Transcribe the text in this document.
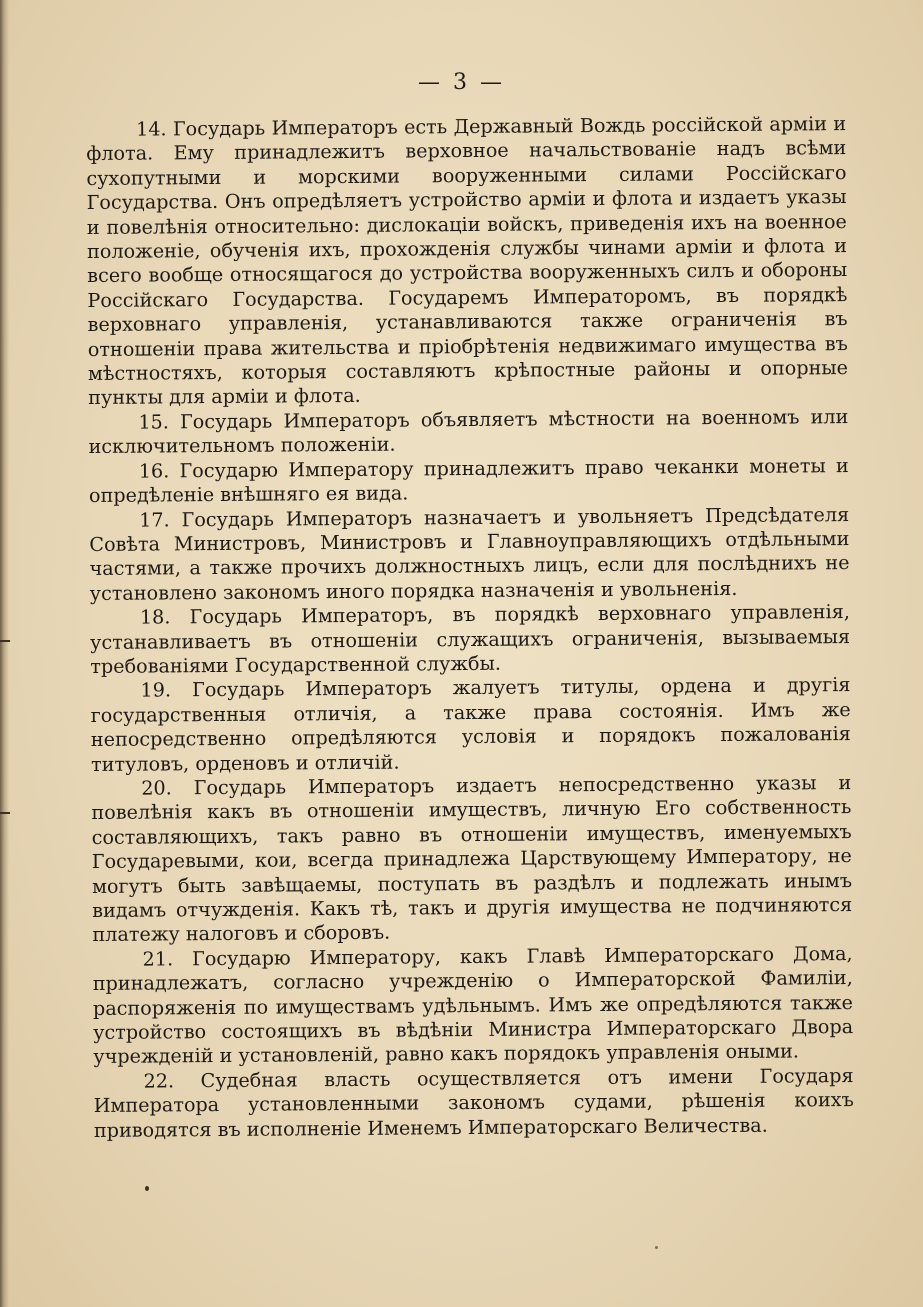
— 3 —

14. Государь Императоръ есть Державный Вождь россійской арміи и флота. Ему принадлежитъ верховное начальствованіе надъ всѣми сухопутными и морскими вооруженными силами Россійскаго Государства. Онъ опредѣляетъ устройство арміи и флота и издаетъ указы и повелѣнія относительно: дислокаціи войскъ, приведенія ихъ на военное положеніе, обученія ихъ, прохожденія службы чинами арміи и флота и всего вообще относящагося до устройства вооруженныхъ силъ и обороны Россійскаго Государства. Государемъ Императоромъ, въ порядкѣ верховнаго управленія, устанавливаются также ограниченія въ отношеніи права жительства и пріобрѣтенія недвижимаго имущества въ мѣстностяхъ, которыя составляютъ крѣпостные районы и опорные пункты для арміи и флота.

15. Государь Императоръ объявляетъ мѣстности на военномъ или исключительномъ положеніи.

16. Государю Императору принадлежитъ право чеканки монеты и опредѣленіе внѣшняго ея вида.

17. Государь Императоръ назначаетъ и увольняетъ Предсѣдателя Совѣта Министровъ, Министровъ и Главноуправляющихъ отдѣльными частями, а также прочихъ должностныхъ лицъ, если для послѣднихъ не установлено закономъ иного порядка назначенія и увольненія.

18. Государь Императоръ, въ порядкѣ верховнаго управленія, устанавливаетъ въ отношеніи служащихъ ограниченія, вызываемыя требованіями Государственной службы.

19. Государь Императоръ жалуетъ титулы, ордена и другія государственныя отличія, а также права состоянія. Имъ же непосредственно опредѣляются условія и порядокъ пожалованія титуловъ, орденовъ и отличій.

20. Государь Императоръ издаетъ непосредственно указы и повелѣнія какъ въ отношеніи имуществъ, личную Его собственность составляющихъ, такъ равно въ отношеніи имуществъ, именуемыхъ Государевыми, кои, всегда принадлежа Царствующему Императору, не могутъ быть завѣщаемы, поступать въ раздѣлъ и подлежать инымъ видамъ отчужденія. Какъ тѣ, такъ и другія имущества не подчиняются платежу налоговъ и сборовъ.

21. Государю Императору, какъ Главѣ Императорскаго Дома, принадлежатъ, согласно учрежденію о Императорской Фамиліи, распоряженія по имуществамъ удѣльнымъ. Имъ же опредѣляются также устройство состоящихъ въ вѣдѣніи Министра Императорскаго Двора учрежденій и установленій, равно какъ порядокъ управленія оными.

22. Судебная власть осуществляется отъ имени Государя Императора установленными закономъ судами, рѣшенія коихъ приводятся въ исполненіе Именемъ Императорскаго Величества.
